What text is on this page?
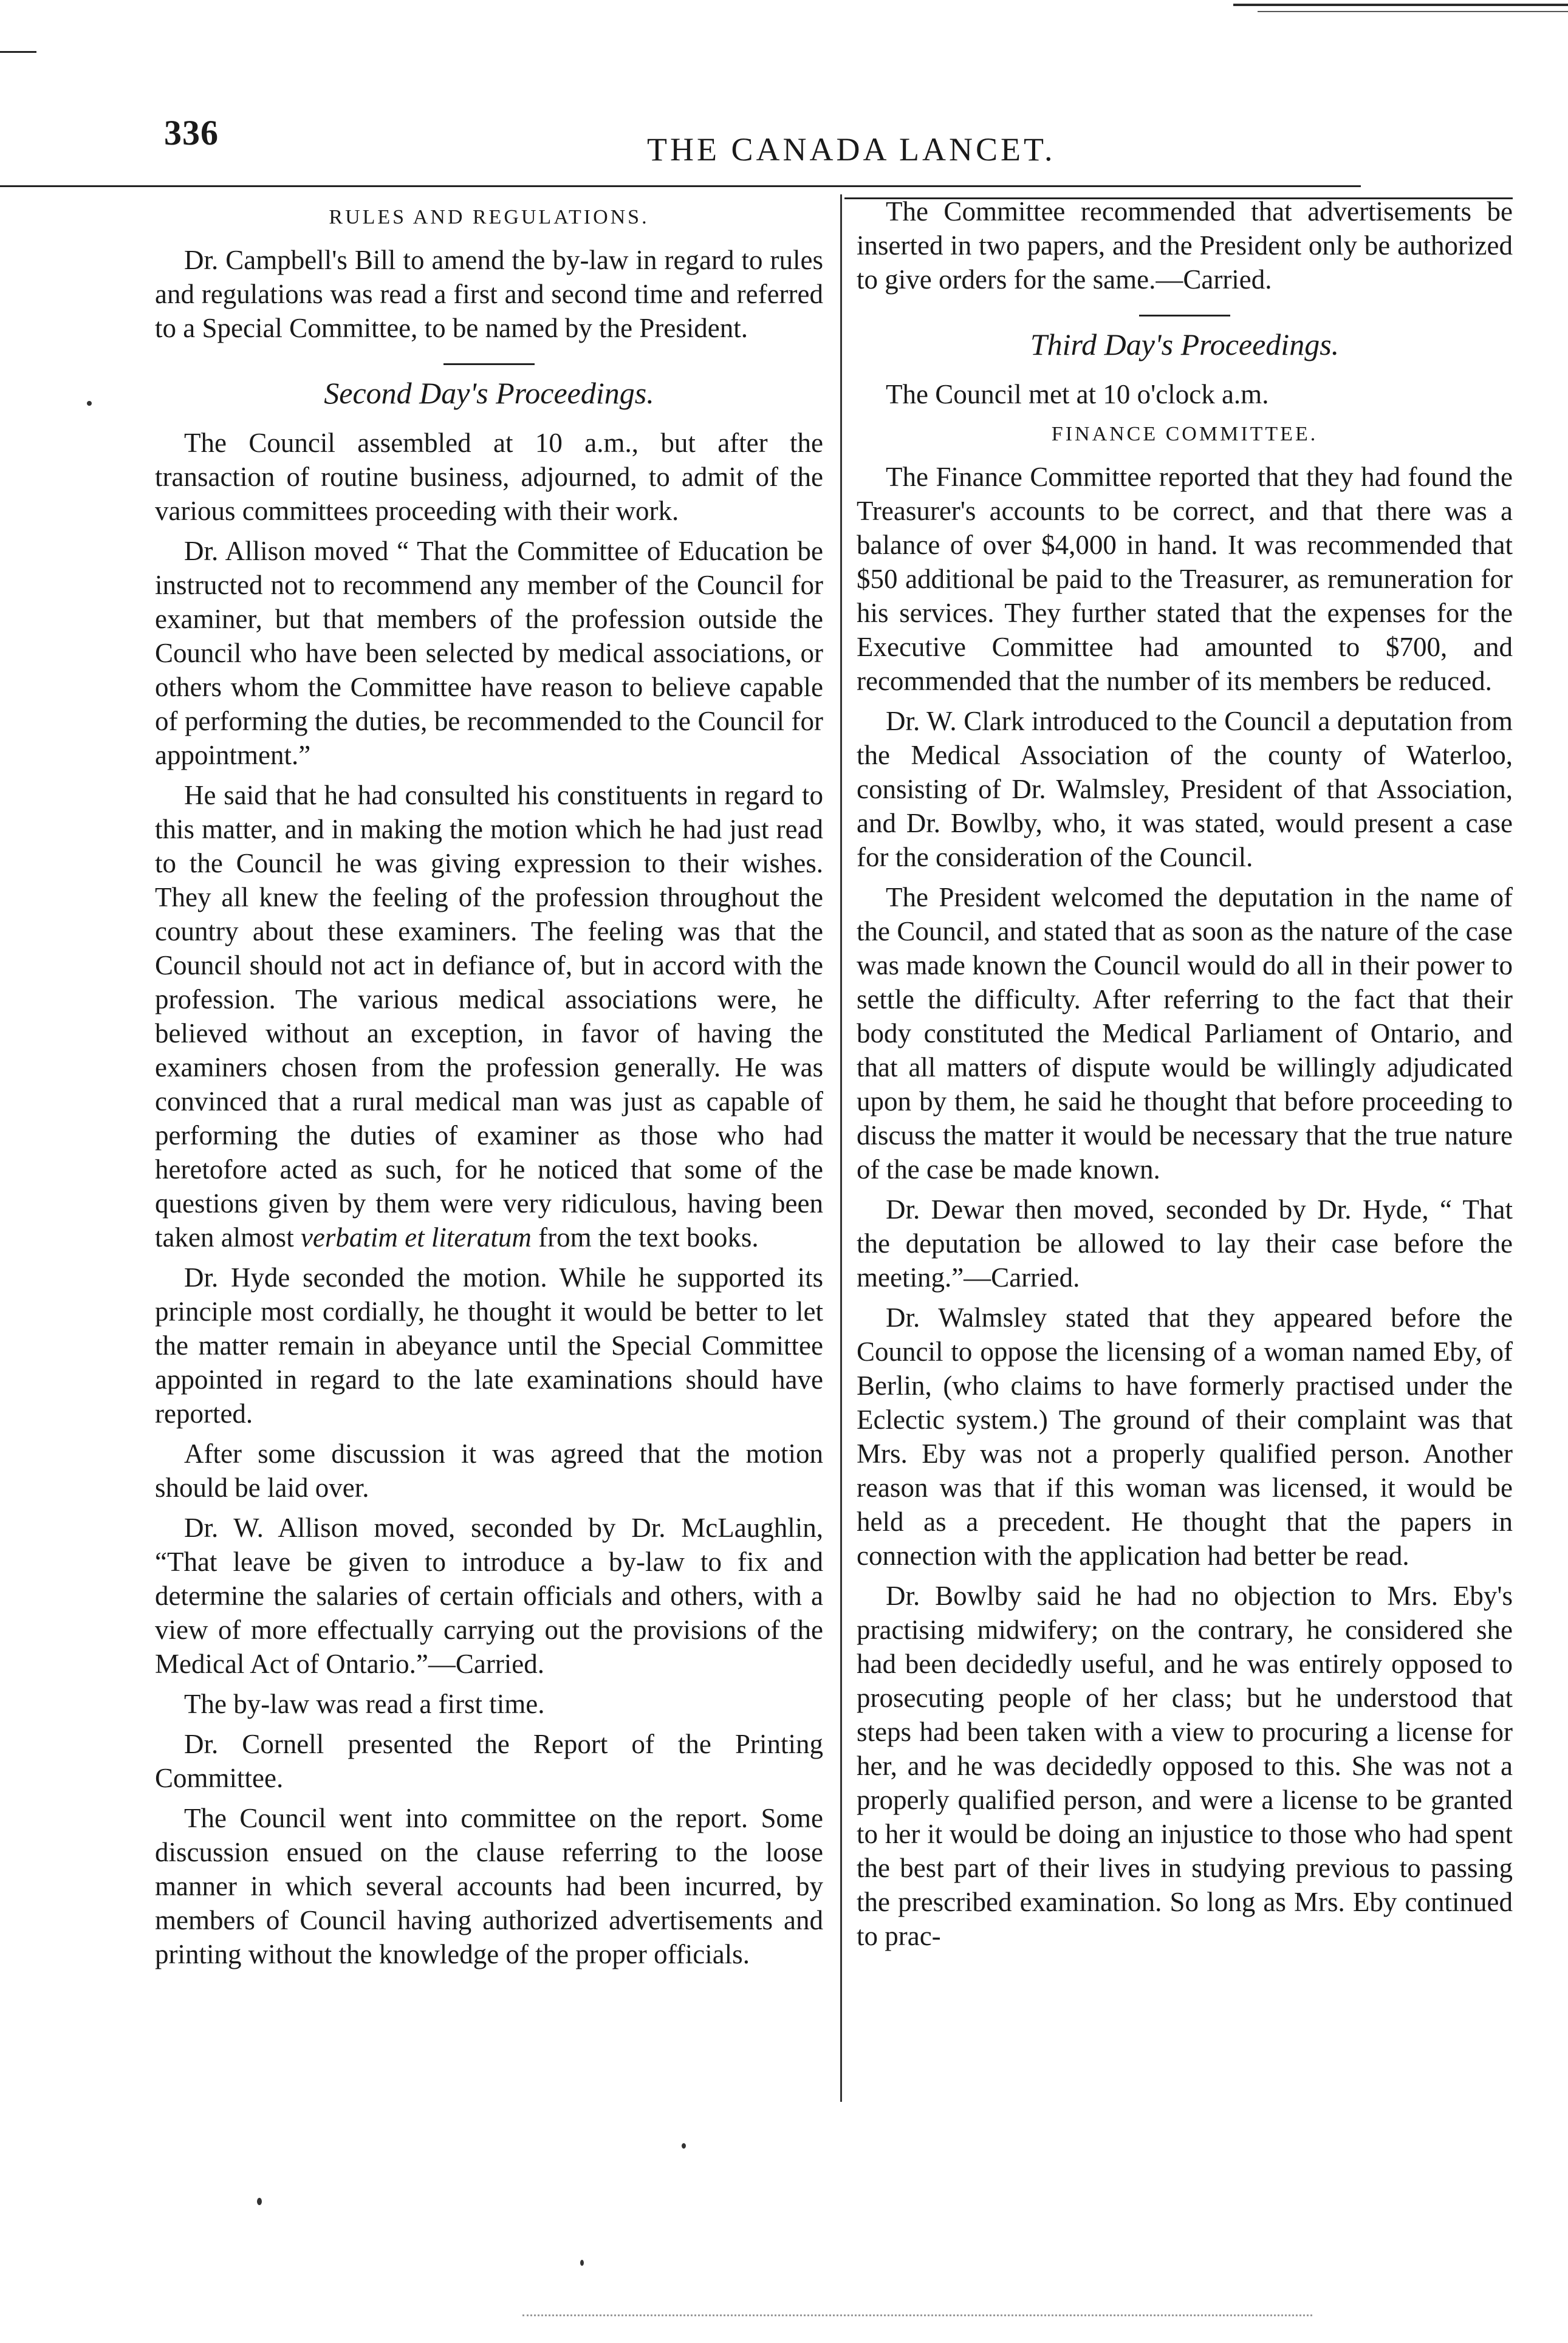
336	THE CANADA LANCET.
RULES AND REGULATIONS.

Dr. Campbell's Bill to amend the by-law in regard to rules and regulations was read a first and second time and referred to a Special Committee, to be named by the President.

Second Day's Proceedings.

The Council assembled at 10 a.m., but after the transaction of routine business, adjourned, to admit of the various committees proceeding with their work.

Dr. Allison moved “ That the Committee of Education be instructed not to recommend any member of the Council for examiner, but that members of the profession outside the Council who have been selected by medical associations, or others whom the Committee have reason to believe capable of performing the duties, be recommended to the Council for appointment.”

He said that he had consulted his constituents in regard to this matter, and in making the motion which he had just read to the Council he was giving expression to their wishes. They all knew the feeling of the profession throughout the country about these examiners. The feeling was that the Council should not act in defiance of, but in accord with the profession. The various medical associations were, he believed without an exception, in favor of having the examiners chosen from the profession generally. He was convinced that a rural medical man was just as capable of performing the duties of examiner as those who had heretofore acted as such, for he noticed that some of the questions given by them were very ridiculous, having been taken almost verbatim et literatum from the text books.

Dr. Hyde seconded the motion. While he supported its principle most cordially, he thought it would be better to let the matter remain in abeyance until the Special Committee appointed in regard to the late examinations should have reported.

After some discussion it was agreed that the motion should be laid over.

Dr. W. Allison moved, seconded by Dr. McLaughlin, “That leave be given to introduce a by-law to fix and determine the salaries of certain officials and others, with a view of more effectually carrying out the provisions of the Medical Act of Ontario.”—Carried.

The by-law was read a first time.

Dr. Cornell presented the Report of the Printing Committee.

The Council went into committee on the report. Some discussion ensued on the clause referring to the loose manner in which several accounts had been incurred, by members of Council having authorized advertisements and printing without the knowledge of the proper officials.

The Committee recommended that advertisements be inserted in two papers, and the President only be authorized to give orders for the same.—Carried.

Third Day's Proceedings.

The Council met at 10 o'clock a.m.

FINANCE COMMITTEE.

The Finance Committee reported that they had found the Treasurer's accounts to be correct, and that there was a balance of over $4,000 in hand. It was recommended that $50 additional be paid to the Treasurer, as remuneration for his services. They further stated that the expenses for the Executive Committee had amounted to $700, and recommended that the number of its members be reduced.

Dr. W. Clark introduced to the Council a deputation from the Medical Association of the county of Waterloo, consisting of Dr. Walmsley, President of that Association, and Dr. Bowlby, who, it was stated, would present a case for the consideration of the Council.

The President welcomed the deputation in the name of the Council, and stated that as soon as the nature of the case was made known the Council would do all in their power to settle the difficulty. After referring to the fact that their body constituted the Medical Parliament of Ontario, and that all matters of dispute would be willingly adjudicated upon by them, he said he thought that before proceeding to discuss the matter it would be necessary that the true nature of the case be made known.

Dr. Dewar then moved, seconded by Dr. Hyde, “ That the deputation be allowed to lay their case before the meeting.”—Carried.

Dr. Walmsley stated that they appeared before the Council to oppose the licensing of a woman named Eby, of Berlin, (who claims to have formerly practised under the Eclectic system.) The ground of their complaint was that Mrs. Eby was not a properly qualified person. Another reason was that if this woman was licensed, it would be held as a precedent. He thought that the papers in connection with the application had better be read.

Dr. Bowlby said he had no objection to Mrs. Eby's practising midwifery; on the contrary, he considered she had been decidedly useful, and he was entirely opposed to prosecuting people of her class; but he understood that steps had been taken with a view to procuring a license for her, and he was decidedly opposed to this. She was not a properly qualified person, and were a license to be granted to her it would be doing an injustice to those who had spent the best part of their lives in studying previous to passing the prescribed examination. So long as Mrs. Eby continued to prac-
